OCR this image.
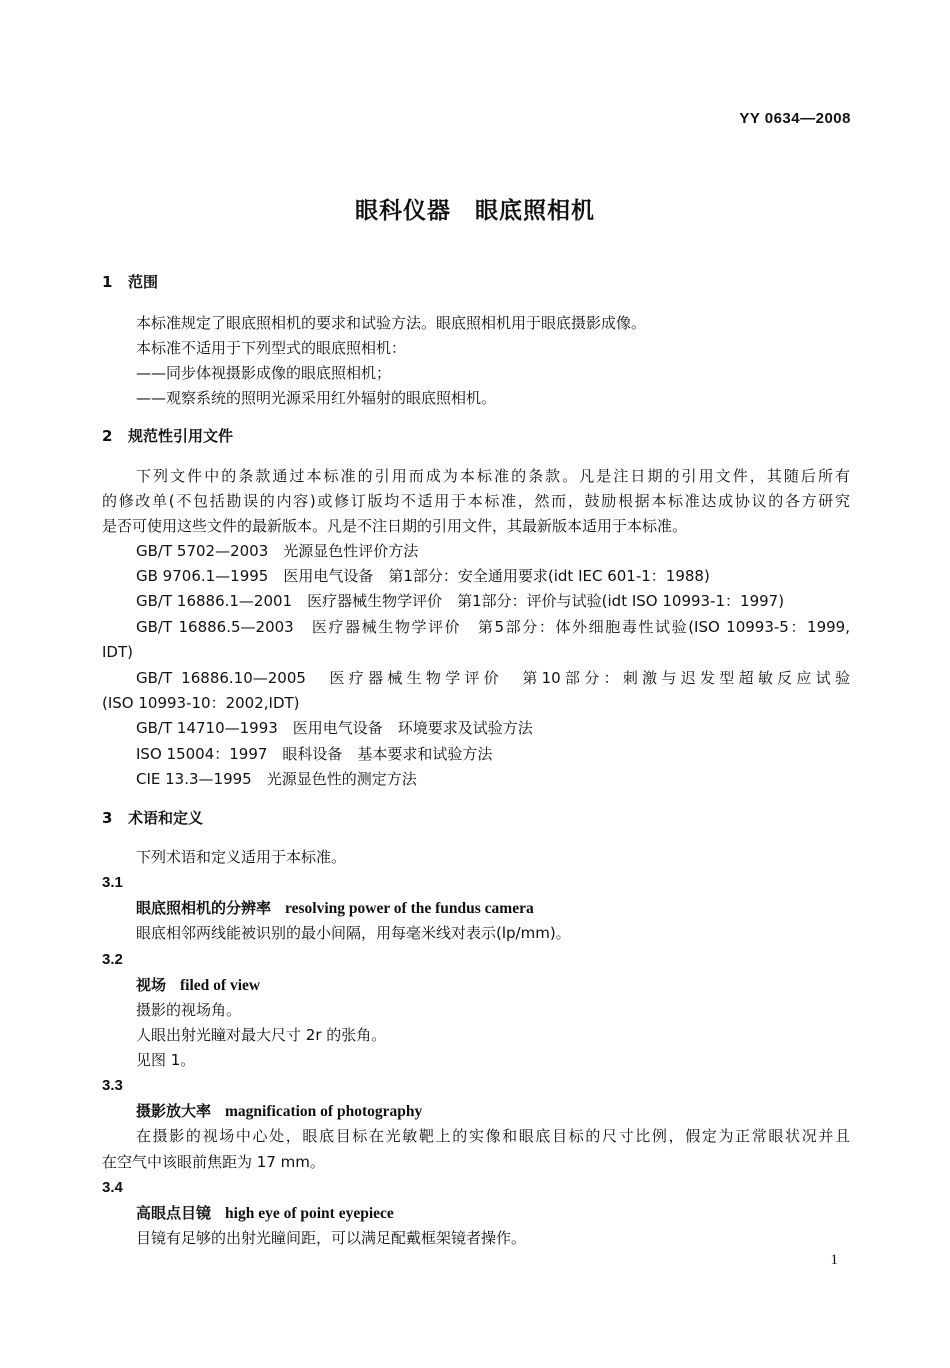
YY 0634—2008
眼科仪器　眼底照相机
1 范围
本标准规定了眼底照相机的要求和试验方法。眼底照相机用于眼底摄影成像。
本标准不适用于下列型式的眼底照相机：
——同步体视摄影成像的眼底照相机；
——观察系统的照明光源采用红外辐射的眼底照相机。
2 规范性引用文件
下列文件中的条款通过本标准的引用而成为本标准的条款。凡是注日期的引用文件，其随后所有
的修改单(不包括勘误的内容)或修订版均不适用于本标准，然而，鼓励根据本标准达成协议的各方研究
是否可使用这些文件的最新版本。凡是不注日期的引用文件，其最新版本适用于本标准。
GB/T 5702—2003　光源显色性评价方法
GB 9706.1—1995　医用电气设备　第1部分：安全通用要求(idt IEC 601-1：1988)
GB/T 16886.1—2001　医疗器械生物学评价　第1部分：评价与试验(idt ISO 10993-1：1997)
GB/T 16886.5—2003　医疗器械生物学评价　第5部分：体外细胞毒性试验(ISO 10993-5：1999,
IDT)
GB/T 16886.10—2005　医疗器械生物学评价　第10部分：刺激与迟发型超敏反应试验
(ISO 10993-10：2002,IDT)
GB/T 14710—1993　医用电气设备　环境要求及试验方法
ISO 15004：1997　眼科设备　基本要求和试验方法
CIE 13.3—1995　光源显色性的测定方法
3 术语和定义
下列术语和定义适用于本标准。
3.1
眼底照相机的分辨率 resolving power of the fundus camera
眼底相邻两线能被识别的最小间隔，用每毫米线对表示(lp/mm)。
3.2
视场 filed of view
摄影的视场角。
人眼出射光瞳对最大尺寸 2r 的张角。
见图 1。
3.3
摄影放大率 magnification of photography
在摄影的视场中心处，眼底目标在光敏靶上的实像和眼底目标的尺寸比例，假定为正常眼状况并且
在空气中该眼前焦距为 17 mm。
3.4
高眼点目镜 high eye of point eyepiece
目镜有足够的出射光瞳间距，可以满足配戴框架镜者操作。
1
